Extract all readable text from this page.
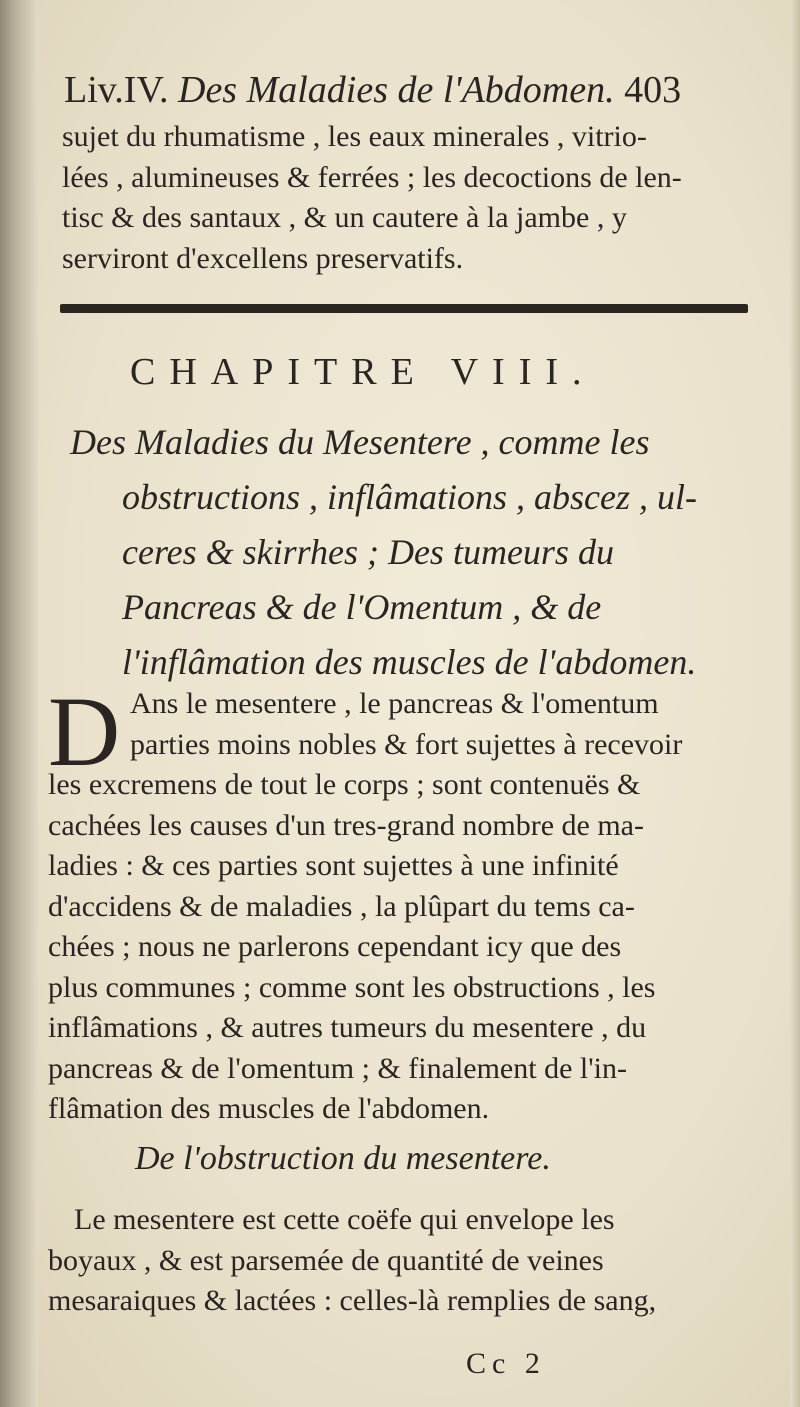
Liv.IV. Des Maladies de l'Abdomen. 403
sujet du rhumatisme , les eaux minerales , vitrio-
lées , alumineuses & ferrées ; les decoctions de len-
tisc & des santaux , & un cautere à la jambe , y
serviront d'excellens preservatifs.
CHAPITRE VIII.
Des Maladies du Mesentere , comme les
obstructions , inflâmations , abscez , ul-
ceres & skirrhes ; Des tumeurs du
Pancreas & de l'Omentum , & de
l'inflâmation des muscles de l'abdomen.
D Ans le mesentere , le pancreas & l'omentum
parties moins nobles & fort sujettes à recevoir
les excremens de tout le corps ; sont contenuës &
cachées les causes d'un tres-grand nombre de ma-
ladies : & ces parties sont sujettes à une infinité
d'accidens & de maladies , la plûpart du tems ca-
chées ; nous ne parlerons cependant icy que des
plus communes ; comme sont les obstructions , les
inflâmations , & autres tumeurs du mesentere , du
pancreas & de l'omentum ; & finalement de l'in-
flâmation des muscles de l'abdomen.
De l'obstruction du mesentere.
Le mesentere est cette coëfe qui envelope les
boyaux , & est parsemée de quantité de veines
mesaraiques & lactées : celles-là remplies de sang,
Cc 2
